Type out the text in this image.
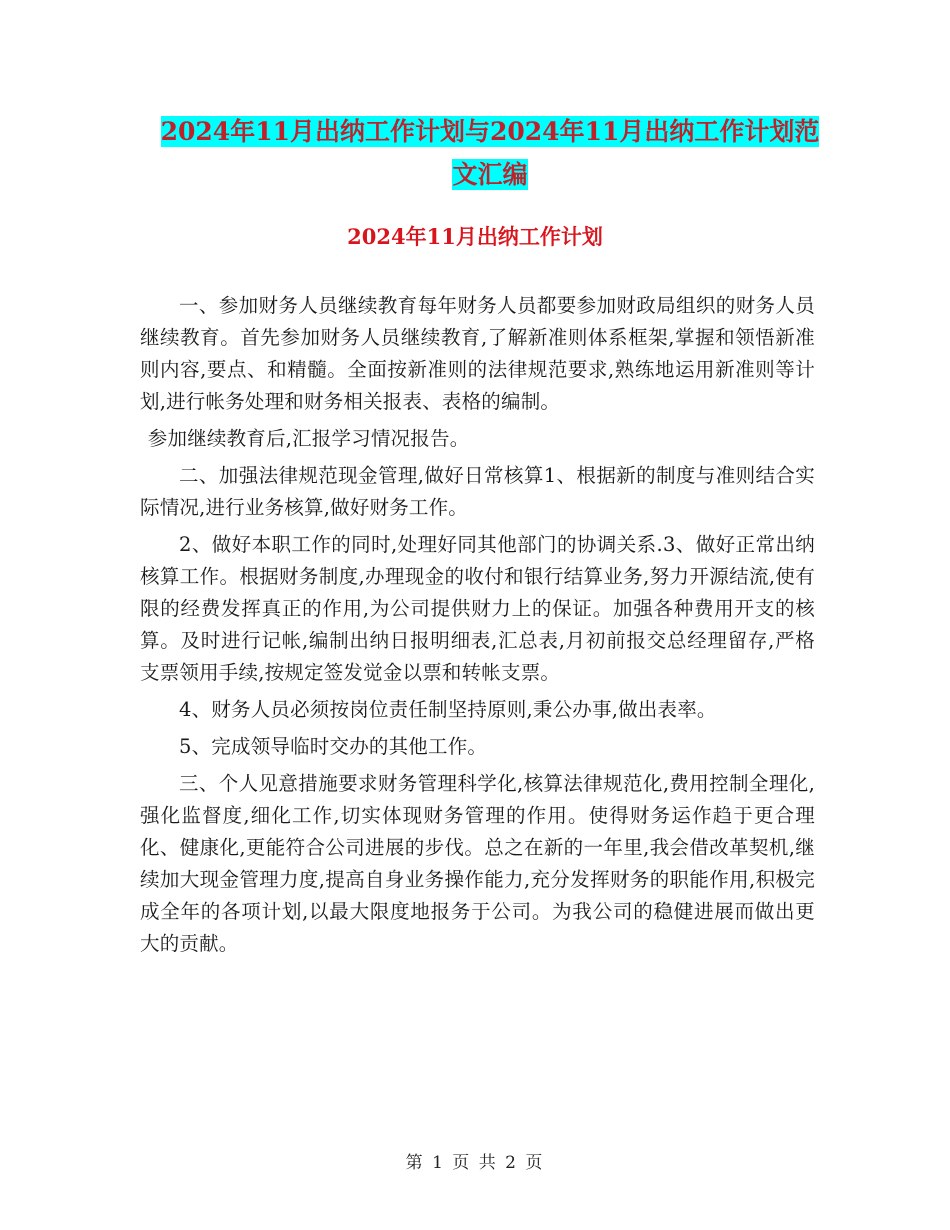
2024年11月出纳工作计划与2024年11月出纳工作计划范文汇编
2024年11月出纳工作计划

一、参加财务人员继续教育每年财务人员都要参加财政局组织的财务人员继续教育。首先参加财务人员继续教育,了解新准则体系框架,掌握和领悟新准则内容,要点、和精髓。全面按新准则的法律规范要求,熟练地运用新准则等计划,进行帐务处理和财务相关报表、表格的编制。

参加继续教育后,汇报学习情况报告。

二、加强法律规范现金管理,做好日常核算1、根据新的制度与准则结合实际情况,进行业务核算,做好财务工作。

2、做好本职工作的同时,处理好同其他部门的协调关系.3、做好正常出纳核算工作。根据财务制度,办理现金的收付和银行结算业务,努力开源结流,使有限的经费发挥真正的作用,为公司提供财力上的保证。加强各种费用开支的核算。及时进行记帐,编制出纳日报明细表,汇总表,月初前报交总经理留存,严格支票领用手续,按规定签发觉金以票和转帐支票。

4、财务人员必须按岗位责任制坚持原则,秉公办事,做出表率。

5、完成领导临时交办的其他工作。

三、个人见意措施要求财务管理科学化,核算法律规范化,费用控制全理化,强化监督度,细化工作,切实体现财务管理的作用。使得财务运作趋于更合理化、健康化,更能符合公司进展的步伐。总之在新的一年里,我会借改革契机,继续加大现金管理力度,提高自身业务操作能力,充分发挥财务的职能作用,积极完成全年的各项计划,以最大限度地报务于公司。为我公司的稳健进展而做出更大的贡献。

第 1 页 共 2 页
